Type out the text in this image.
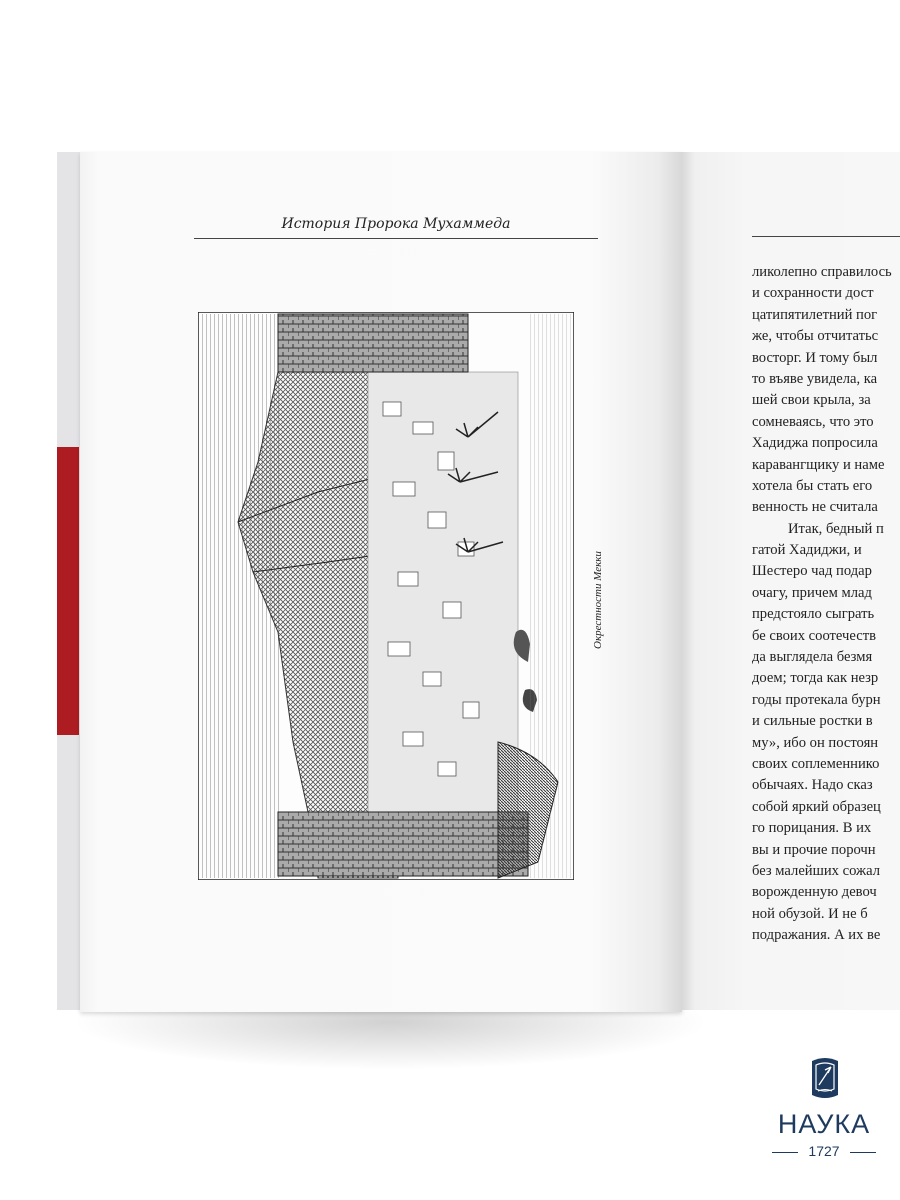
История Пророка Мухаммеда
Окрестности Мекки
ликолепно справилось
и сохранности дост
цатипятилетний пог
же, чтобы отчитатьс
восторг. И тому был
то въяве увидела, ка
шей свои крыла, за
сомневаясь, что это
Хадиджа попросила
каравангщику и наме
хотела бы стать его
венность не считала
Итак, бедный п
гатой Хадиджи, и
Шестеро чад подар
очагу, причем млад
предстояло сыграть
бе своих соотечеств
да выглядела безмя
доем; тогда как незр
годы протекала бурн
и сильные ростки в
му», ибо он постоян
своих соплеменнико
обычаях. Надо сказ
собой яркий образец
го порицания. В их
вы и прочие порочн
без малейших сожал
ворожденную девоч
ной обузой. И не б
подражания. А их ве
НАУКА
1727
